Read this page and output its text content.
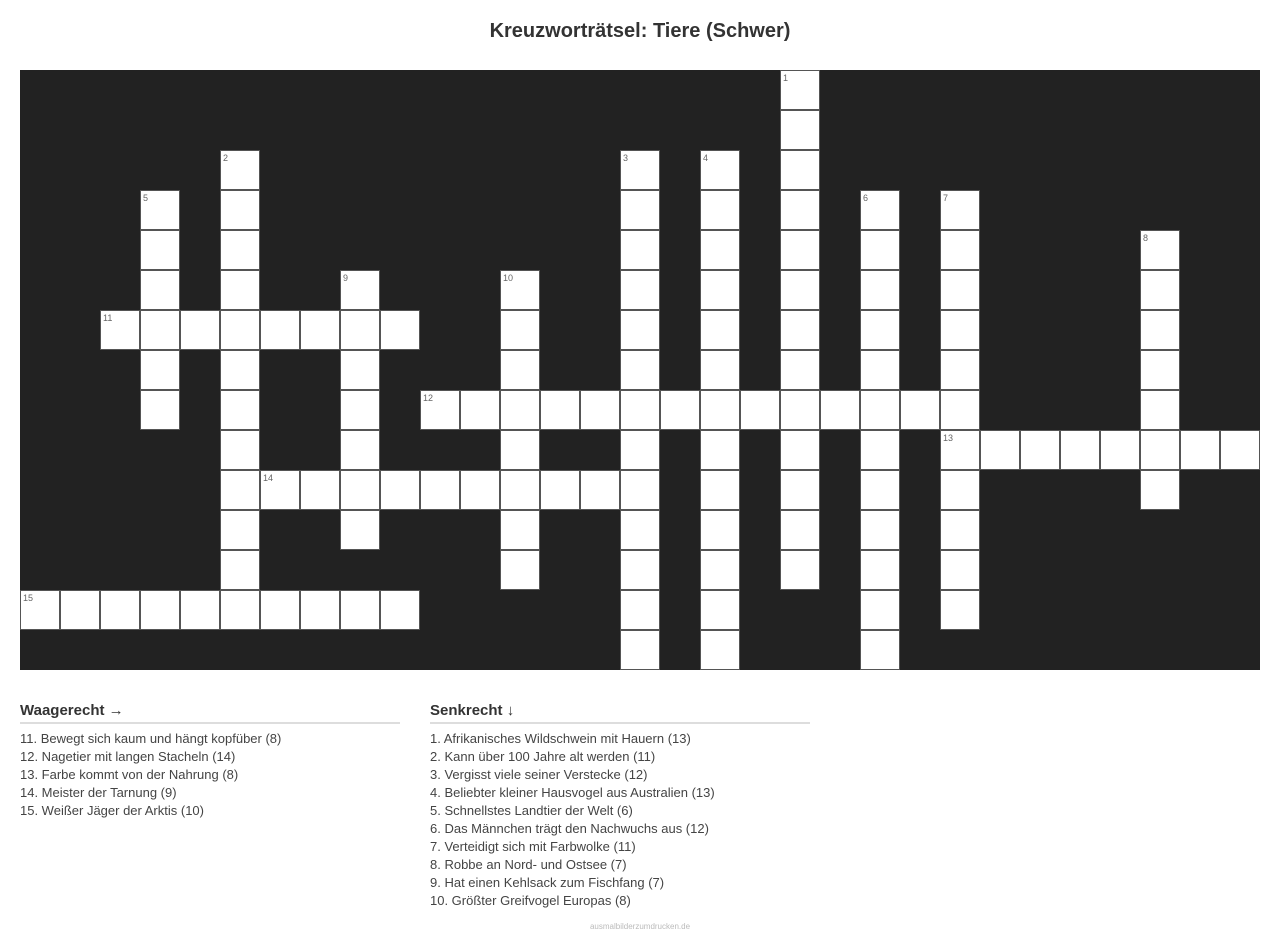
Kreuzworträtsel: Tiere (Schwer)
1
2	3	4
5	6	7
13
8
9	10
11
12
14
15
Waagerecht →
11. Bewegt sich kaum und hängt kopfüber (8)
12. Nagetier mit langen Stacheln (14)
13. Farbe kommt von der Nahrung (8)
14. Meister der Tarnung (9)
15. Weißer Jäger der Arktis (10)
Senkrecht ↓
1. Afrikanisches Wildschwein mit Hauern (13)
2. Kann über 100 Jahre alt werden (11)
3. Vergisst viele seiner Verstecke (12)
4. Beliebter kleiner Hausvogel aus Australien (13)
5. Schnellstes Landtier der Welt (6)
6. Das Männchen trägt den Nachwuchs aus (12)
7. Verteidigt sich mit Farbwolke (11)
8. Robbe an Nord- und Ostsee (7)
9. Hat einen Kehlsack zum Fischfang (7)
10. Größter Greifvogel Europas (8)
ausmalbilderzumdrucken.de
